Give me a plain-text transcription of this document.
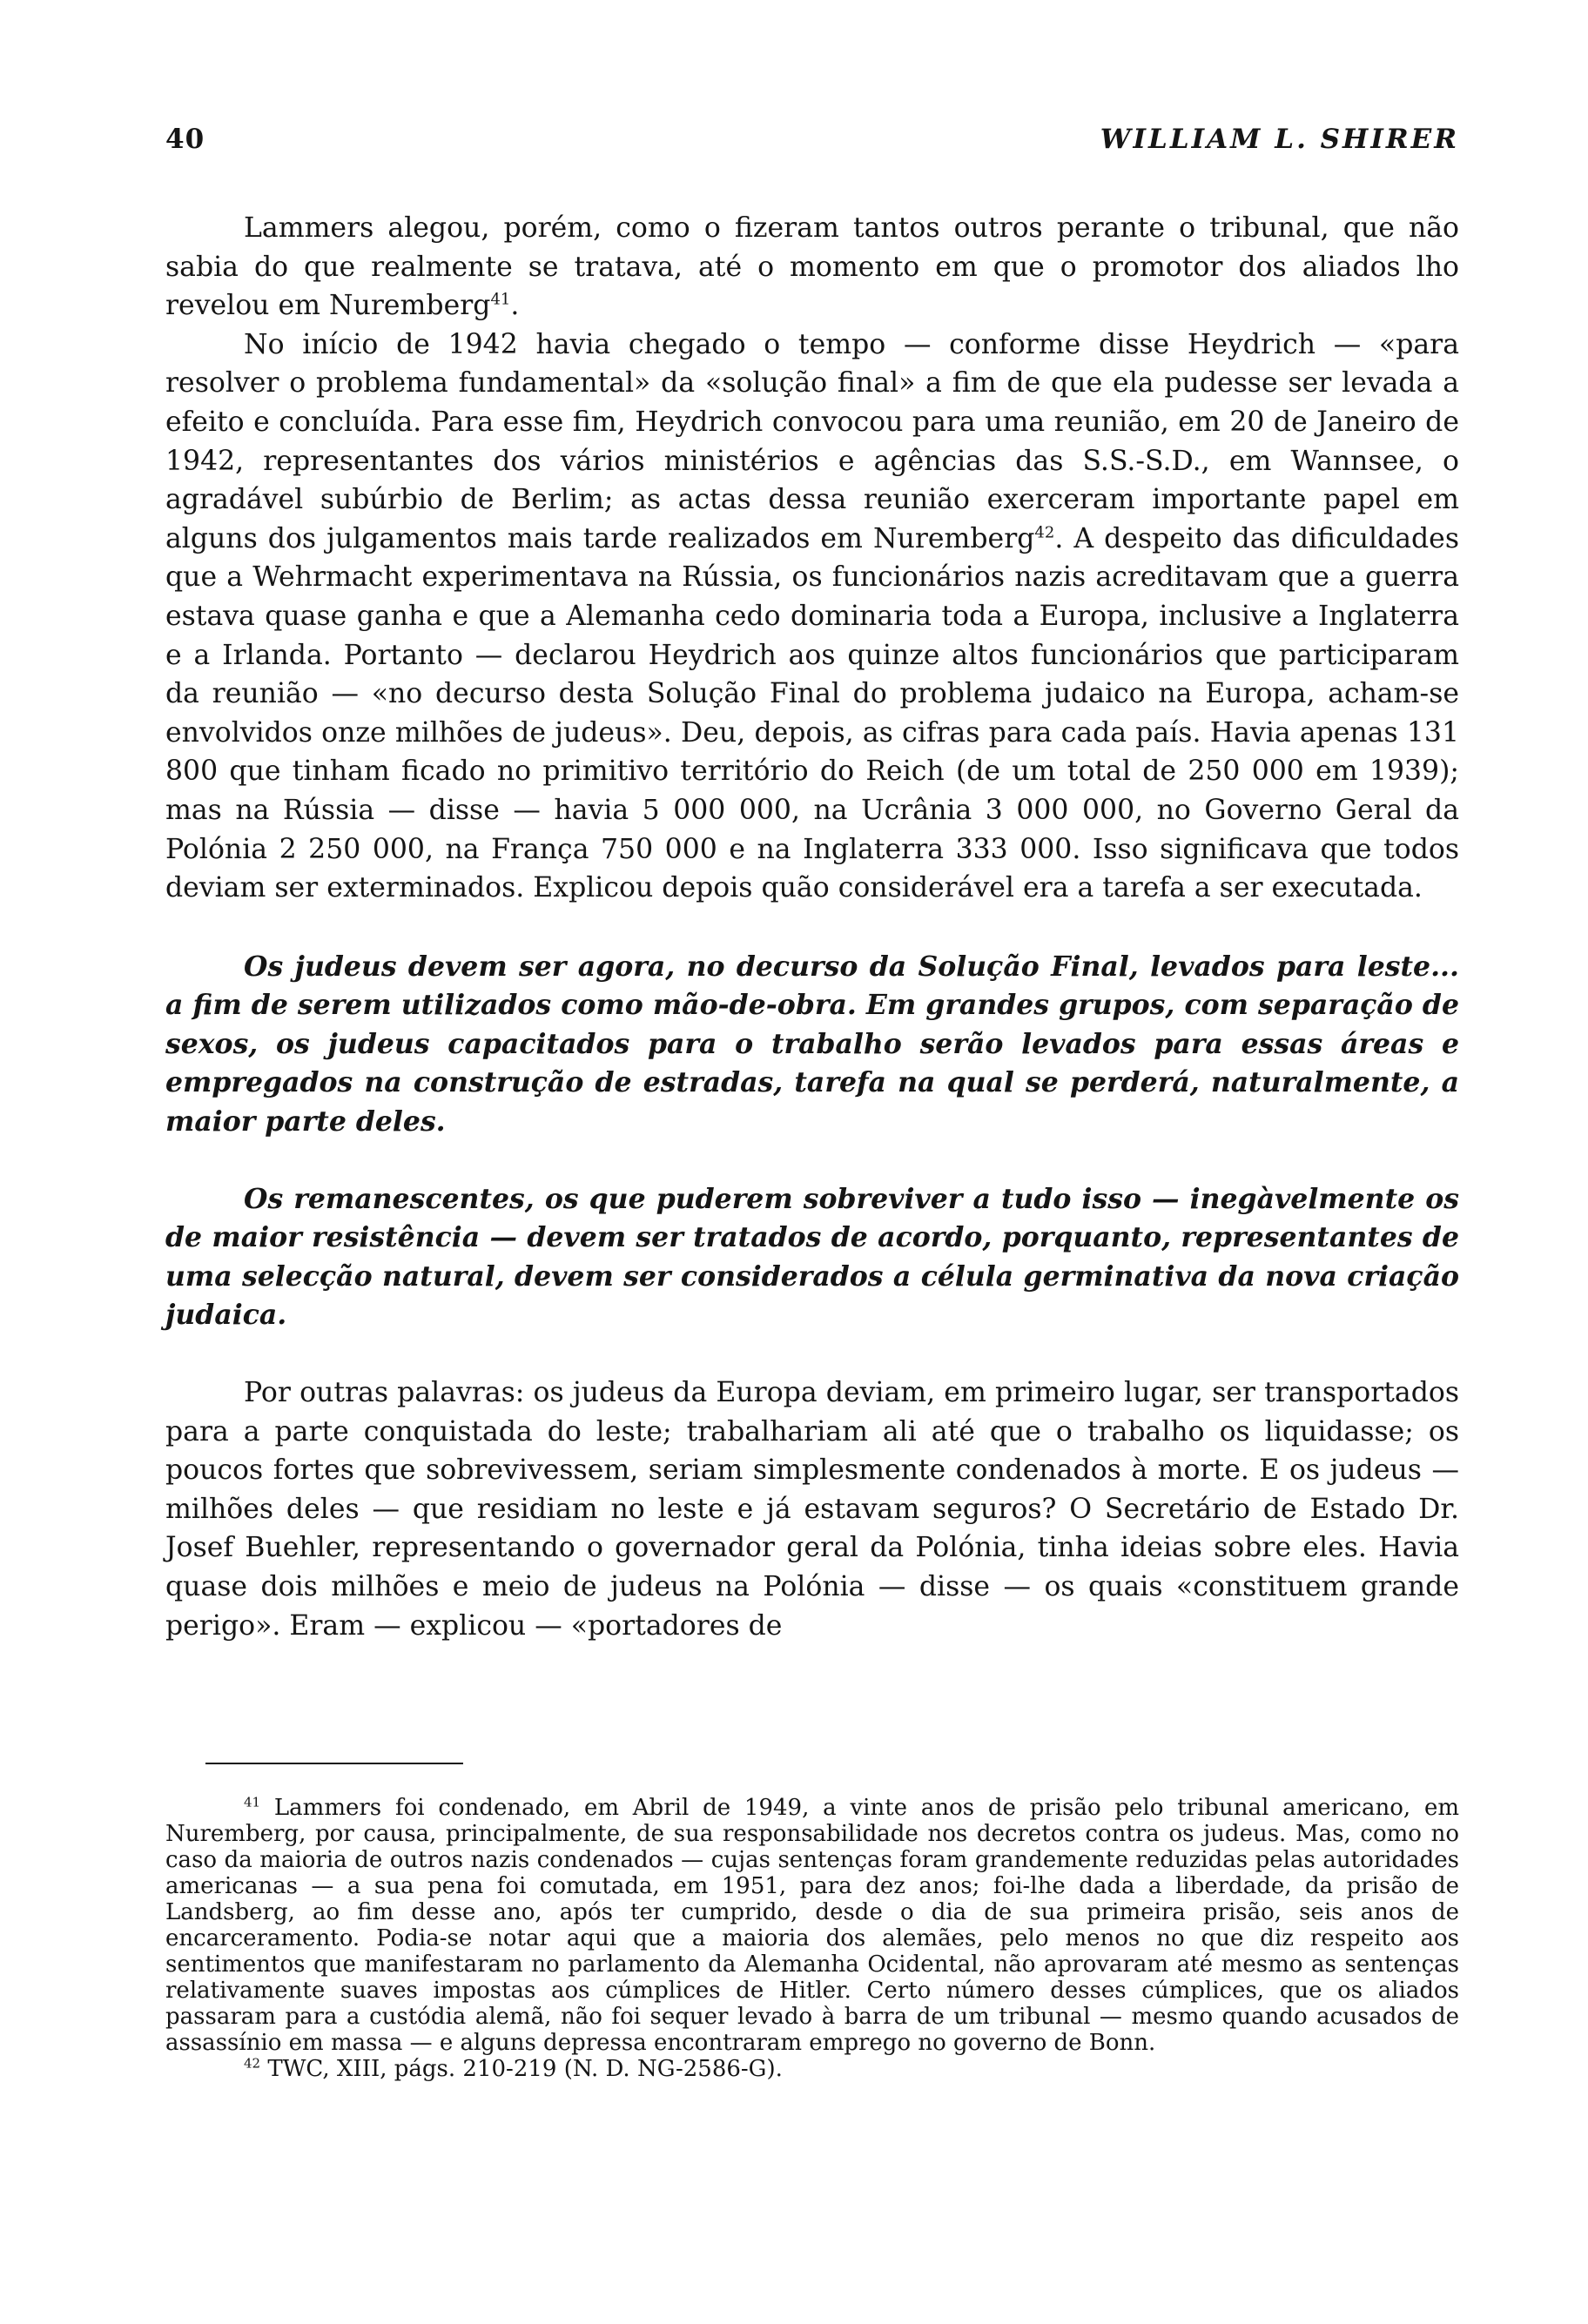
40	WILLIAM L. SHIRER

Lammers alegou, porém, como o fizeram tantos outros perante o tribunal, que não sabia do que realmente se tratava, até o momento em que o promotor dos aliados lho revelou em Nuremberg$^{41}$.

No início de 1942 havia chegado o tempo — conforme disse Heydrich — «para resolver o problema fundamental» da «solução final» a fim de que ela pudesse ser levada a efeito e concluída. Para esse fim, Heydrich convocou para uma reunião, em 20 de Janeiro de 1942, representantes dos vários ministérios e agências das S.S.-S.D., em Wannsee, o agradável subúrbio de Berlim; as actas dessa reunião exerceram importante papel em alguns dos julgamentos mais tarde realizados em Nuremberg$^{42}$. A despeito das dificuldades que a Wehrmacht experimentava na Rússia, os funcionários nazis acreditavam que a guerra estava quase ganha e que a Alemanha cedo dominaria toda a Europa, inclusive a Inglaterra e a Irlanda. Portanto — declarou Heydrich aos quinze altos funcionários que participaram da reunião — «no decurso desta Solução Final do problema judaico na Europa, acham-se envolvidos onze milhões de judeus». Deu, depois, as cifras para cada país. Havia apenas 131 800 que tinham ficado no primitivo território do Reich (de um total de 250 000 em 1939); mas na Rússia — disse — havia 5 000 000, na Ucrânia 3 000 000, no Governo Geral da Polónia 2 250 000, na França 750 000 e na Inglaterra 333 000. Isso significava que todos deviam ser exterminados. Explicou depois quão considerável era a tarefa a ser executada.

Os judeus devem ser agora, no decurso da Solução Final, levados para leste... a fim de serem utilizados como mão-de-obra. Em grandes grupos, com separação de sexos, os judeus capacitados para o trabalho serão levados para essas áreas e empregados na construção de estradas, tarefa na qual se perderá, naturalmente, a maior parte deles.

Os remanescentes, os que puderem sobreviver a tudo isso — inegàvelmente os de maior resistência — devem ser tratados de acordo, porquanto, representantes de uma selecção natural, devem ser considerados a célula germinativa da nova criação judaica.

Por outras palavras: os judeus da Europa deviam, em primeiro lugar, ser transportados para a parte conquistada do leste; trabalhariam ali até que o trabalho os liquidasse; os poucos fortes que sobrevivessem, seriam simplesmente condenados à morte. E os judeus — milhões deles — que residiam no leste e já estavam seguros? O Secretário de Estado Dr. Josef Buehler, representando o governador geral da Polónia, tinha ideias sobre eles. Havia quase dois milhões e meio de judeus na Polónia — disse — os quais «constituem grande perigo». Eram — explicou — «portadores de

$^{41}$ Lammers foi condenado, em Abril de 1949, a vinte anos de prisão pelo tribunal americano, em Nuremberg, por causa, principalmente, de sua responsabilidade nos decretos contra os judeus. Mas, como no caso da maioria de outros nazis condenados — cujas sentenças foram grandemente reduzidas pelas autoridades americanas — a sua pena foi comutada, em 1951, para dez anos; foi-lhe dada a liberdade, da prisão de Landsberg, ao fim desse ano, após ter cumprido, desde o dia de sua primeira prisão, seis anos de encarceramento. Podia-se notar aqui que a maioria dos alemães, pelo menos no que diz respeito aos sentimentos que manifestaram no parlamento da Alemanha Ocidental, não aprovaram até mesmo as sentenças relativamente suaves impostas aos cúmplices de Hitler. Certo número desses cúmplices, que os aliados passaram para a custódia alemã, não foi sequer levado à barra de um tribunal — mesmo quando acusados de assassínio em massa — e alguns depressa encontraram emprego no governo de Bonn.

$^{42}$ TWC, XIII, págs. 210-219 (N. D. NG-2586-G).
